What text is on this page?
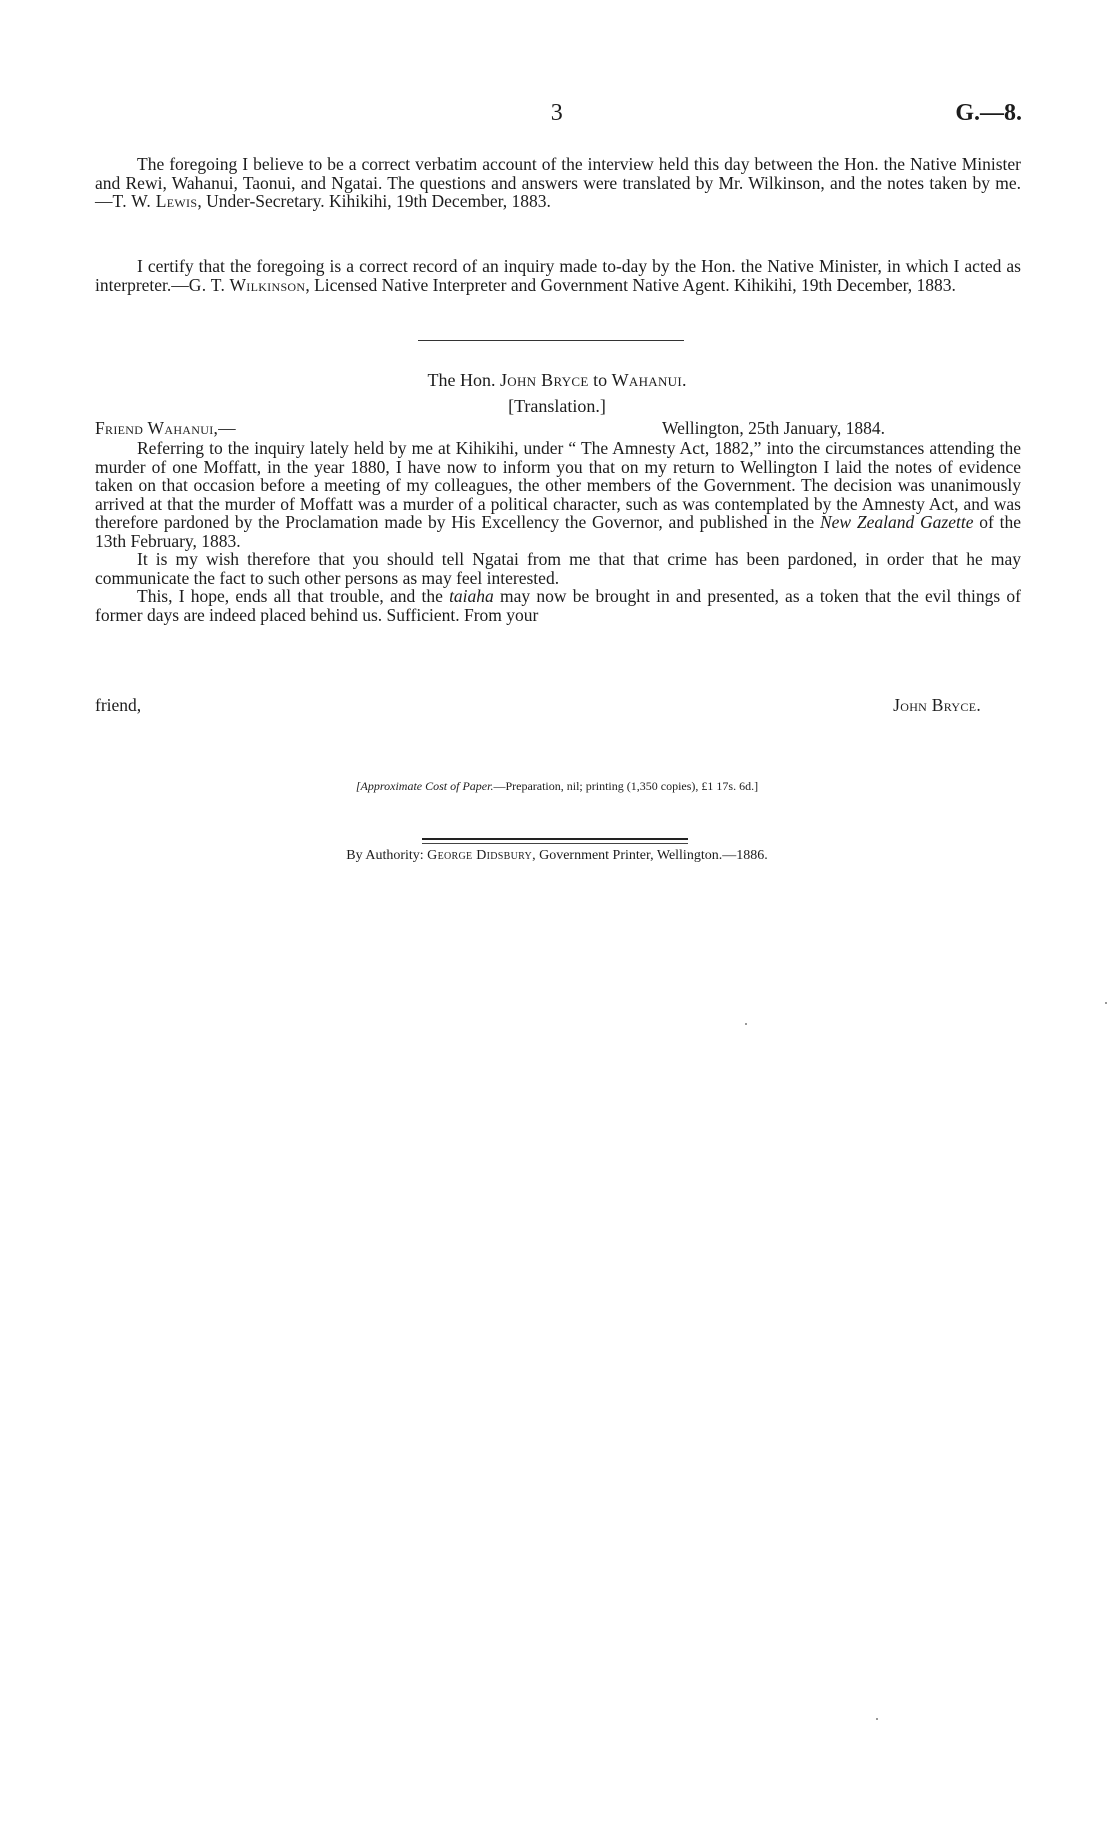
3	G.—8.

The foregoing I believe to be a correct verbatim account of the interview held this day between the Hon. the Native Minister and Rewi, Wahanui, Taonui, and Ngatai. The questions and answers were translated by Mr. Wilkinson, and the notes taken by me.—T. W. Lewis, Under-Secretary. Kihikihi, 19th December, 1883.

I certify that the foregoing is a correct record of an inquiry made to-day by the Hon. the Native Minister, in which I acted as interpreter.—G. T. Wilkinson, Licensed Native Interpreter and Government Native Agent. Kihikihi, 19th December, 1883.

The Hon. John Bryce to Wahanui.
[Translation.]
Friend Wahanui,—	Wellington, 25th January, 1884.

Referring to the inquiry lately held by me at Kihikihi, under “ The Amnesty Act, 1882,” into the circumstances attending the murder of one Moffatt, in the year 1880, I have now to inform you that on my return to Wellington I laid the notes of evidence taken on that occasion before a meeting of my colleagues, the other members of the Government. The decision was unanimously arrived at that the murder of Moffatt was a murder of a political character, such as was contemplated by the Amnesty Act, and was therefore pardoned by the Proclamation made by His Excellency the Governor, and published in the New Zealand Gazette of the 13th February, 1883.

It is my wish therefore that you should tell Ngatai from me that that crime has been pardoned, in order that he may communicate the fact to such other persons as may feel interested.

This, I hope, ends all that trouble, and the taiaha may now be brought in and presented, as a token that the evil things of former days are indeed placed behind us. Sufficient. From your

friend,	John Bryce.
[Approximate Cost of Paper.—Preparation, nil; printing (1,350 copies), £1 17s. 6d.]
By Authority: George Didsbury, Government Printer, Wellington.—1886.
